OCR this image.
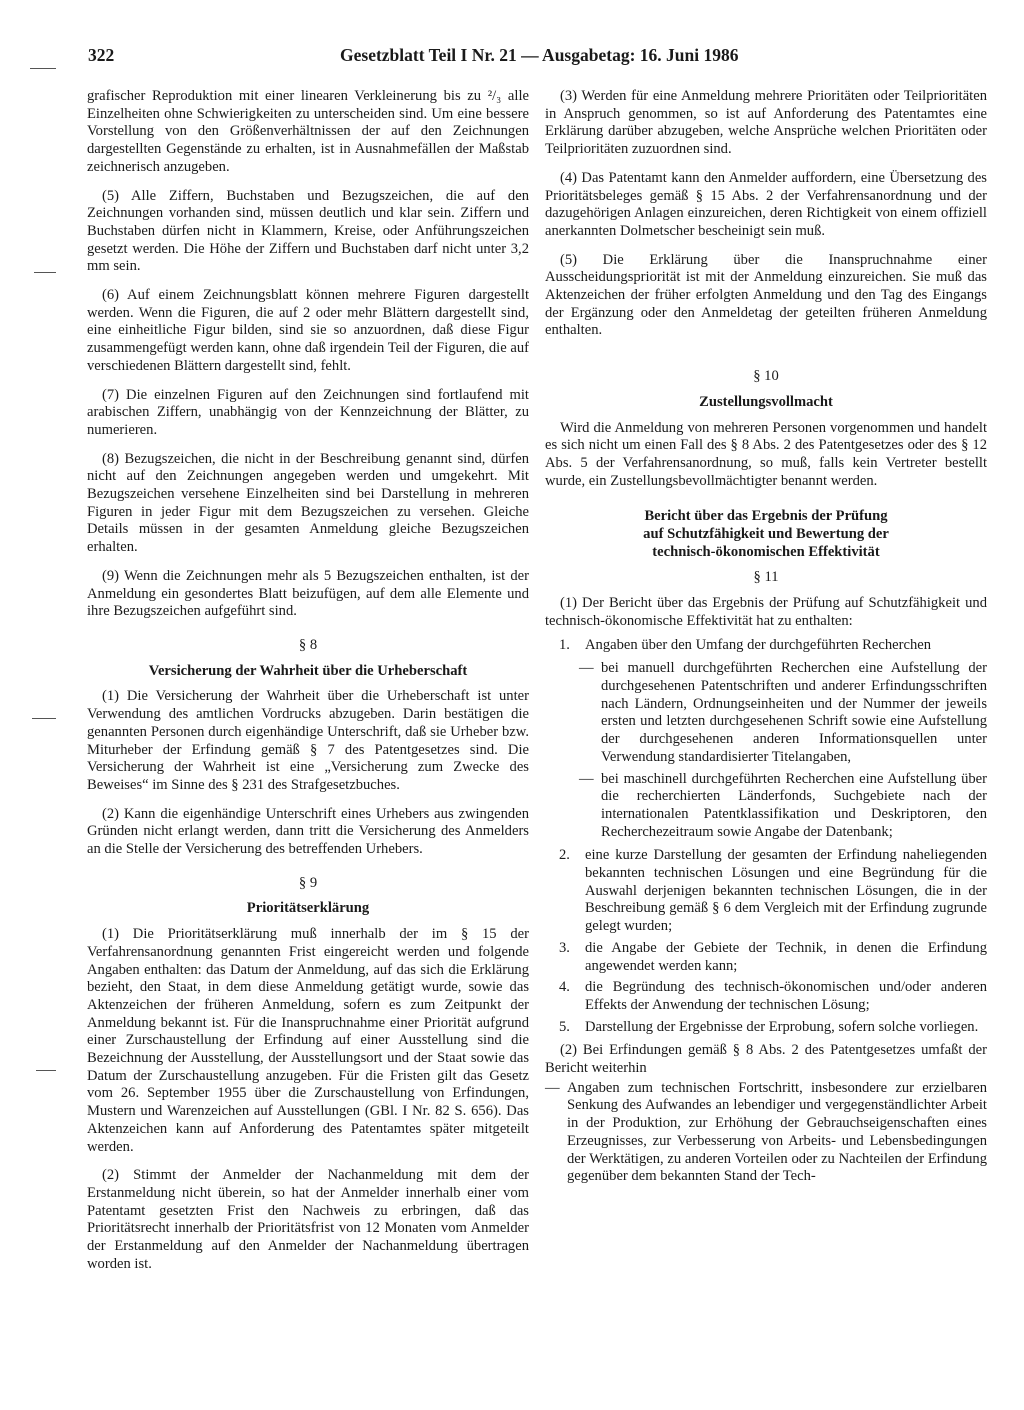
322	Gesetzblatt Teil I Nr. 21 — Ausgabetag: 16. Juni 1986

grafischer Reproduktion mit einer linearen Verkleinerung bis zu ²/₃ alle Einzelheiten ohne Schwierigkeiten zu unterscheiden sind. Um eine bessere Vorstellung von den Größenverhältnissen der auf den Zeichnungen dargestellten Gegenstände zu erhalten, ist in Ausnahmefällen der Maßstab zeichnerisch anzugeben.

(5) Alle Ziffern, Buchstaben und Bezugszeichen, die auf den Zeichnungen vorhanden sind, müssen deutlich und klar sein. Ziffern und Buchstaben dürfen nicht in Klammern, Kreise, oder Anführungszeichen gesetzt werden. Die Höhe der Ziffern und Buchstaben darf nicht unter 3,2 mm sein.

(6) Auf einem Zeichnungsblatt können mehrere Figuren dargestellt werden. Wenn die Figuren, die auf 2 oder mehr Blättern dargestellt sind, eine einheitliche Figur bilden, sind sie so anzuordnen, daß diese Figur zusammengefügt werden kann, ohne daß irgendein Teil der Figuren, die auf verschiedenen Blättern dargestellt sind, fehlt.

(7) Die einzelnen Figuren auf den Zeichnungen sind fortlaufend mit arabischen Ziffern, unabhängig von der Kennzeichnung der Blätter, zu numerieren.

(8) Bezugszeichen, die nicht in der Beschreibung genannt sind, dürfen nicht auf den Zeichnungen angegeben werden und umgekehrt. Mit Bezugszeichen versehene Einzelheiten sind bei Darstellung in mehreren Figuren in jeder Figur mit dem Bezugszeichen zu versehen. Gleiche Details müssen in der gesamten Anmeldung gleiche Bezugszeichen erhalten.

(9) Wenn die Zeichnungen mehr als 5 Bezugszeichen enthalten, ist der Anmeldung ein gesondertes Blatt beizufügen, auf dem alle Elemente und ihre Bezugszeichen aufgeführt sind.

§ 8
Versicherung der Wahrheit über die Urheberschaft

(1) Die Versicherung der Wahrheit über die Urheberschaft ist unter Verwendung des amtlichen Vordrucks abzugeben. Darin bestätigen die genannten Personen durch eigenhändige Unterschrift, daß sie Urheber bzw. Miturheber der Erfindung gemäß § 7 des Patentgesetzes sind. Die Versicherung der Wahrheit ist eine „Versicherung zum Zwecke des Beweises“ im Sinne des § 231 des Strafgesetzbuches.

(2) Kann die eigenhändige Unterschrift eines Urhebers aus zwingenden Gründen nicht erlangt werden, dann tritt die Versicherung des Anmelders an die Stelle der Versicherung des betreffenden Urhebers.

§ 9
Prioritätserklärung

(1) Die Prioritätserklärung muß innerhalb der im § 15 der Verfahrensanordnung genannten Frist eingereicht werden und folgende Angaben enthalten: das Datum der Anmeldung, auf das sich die Erklärung bezieht, den Staat, in dem diese Anmeldung getätigt wurde, sowie das Aktenzeichen der früheren Anmeldung, sofern es zum Zeitpunkt der Anmeldung bekannt ist. Für die Inanspruchnahme einer Priorität aufgrund einer Zurschaustellung der Erfindung auf einer Ausstellung sind die Bezeichnung der Ausstellung, der Ausstellungsort und der Staat sowie das Datum der Zurschaustellung anzugeben. Für die Fristen gilt das Gesetz vom 26. September 1955 über die Zurschaustellung von Erfindungen, Mustern und Warenzeichen auf Ausstellungen (GBl. I Nr. 82 S. 656). Das Aktenzeichen kann auf Anforderung des Patentamtes später mitgeteilt werden.

(2) Stimmt der Anmelder der Nachanmeldung mit dem der Erstanmeldung nicht überein, so hat der Anmelder innerhalb einer vom Patentamt gesetzten Frist den Nachweis zu erbringen, daß das Prioritätsrecht innerhalb der Prioritätsfrist von 12 Monaten vom Anmelder der Erstanmeldung auf den Anmelder der Nachanmeldung übertragen worden ist.

(3) Werden für eine Anmeldung mehrere Prioritäten oder Teilprioritäten in Anspruch genommen, so ist auf Anforderung des Patentamtes eine Erklärung darüber abzugeben, welche Ansprüche welchen Prioritäten oder Teilprioritäten zuzuordnen sind.

(4) Das Patentamt kann den Anmelder auffordern, eine Übersetzung des Prioritätsbeleges gemäß § 15 Abs. 2 der Verfahrensanordnung und der dazugehörigen Anlagen einzureichen, deren Richtigkeit von einem offiziell anerkannten Dolmetscher bescheinigt sein muß.

(5) Die Erklärung über die Inanspruchnahme einer Ausscheidungspriorität ist mit der Anmeldung einzureichen. Sie muß das Aktenzeichen der früher erfolgten Anmeldung und den Tag des Eingangs der Ergänzung oder den Anmeldetag der geteilten früheren Anmeldung enthalten.

§ 10
Zustellungsvollmacht

Wird die Anmeldung von mehreren Personen vorgenommen und handelt es sich nicht um einen Fall des § 8 Abs. 2 des Patentgesetzes oder des § 12 Abs. 5 der Verfahrensanordnung, so muß, falls kein Vertreter bestellt wurde, ein Zustellungsbevollmächtigter benannt werden.

Bericht über das Ergebnis der Prüfung
auf Schutzfähigkeit und Bewertung der
technisch-ökonomischen Effektivität
§ 11

(1) Der Bericht über das Ergebnis der Prüfung auf Schutzfähigkeit und technisch-ökonomische Effektivität hat zu enthalten:

1. Angaben über den Umfang der durchgeführten Recherchen
— bei manuell durchgeführten Recherchen eine Aufstellung der durchgesehenen Patentschriften und anderer Erfindungsschriften nach Ländern, Ordnungseinheiten und der Nummer der jeweils ersten und letzten durchgesehenen Schrift sowie eine Aufstellung der durchgesehenen anderen Informationsquellen unter Verwendung standardisierter Titelangaben,
— bei maschinell durchgeführten Recherchen eine Aufstellung über die recherchierten Länderfonds, Suchgebiete nach der internationalen Patentklassifikation und Deskriptoren, den Recherchezeitraum sowie Angabe der Datenbank;
2. eine kurze Darstellung der gesamten der Erfindung naheliegenden bekannten technischen Lösungen und eine Begründung für die Auswahl derjenigen bekannten technischen Lösungen, die in der Beschreibung gemäß § 6 dem Vergleich mit der Erfindung zugrunde gelegt wurden;
3. die Angabe der Gebiete der Technik, in denen die Erfindung angewendet werden kann;
4. die Begründung des technisch-ökonomischen und/oder anderen Effekts der Anwendung der technischen Lösung;
5. Darstellung der Ergebnisse der Erprobung, sofern solche vorliegen.

(2) Bei Erfindungen gemäß § 8 Abs. 2 des Patentgesetzes umfaßt der Bericht weiterhin

— Angaben zum technischen Fortschritt, insbesondere zur erzielbaren Senkung des Aufwandes an lebendiger und vergegenständlichter Arbeit in der Produktion, zur Erhöhung der Gebrauchseigenschaften eines Erzeugnisses, zur Verbesserung von Arbeits- und Lebensbedingungen der Werktätigen, zu anderen Vorteilen oder zu Nachteilen der Erfindung gegenüber dem bekannten Stand der Tech-
